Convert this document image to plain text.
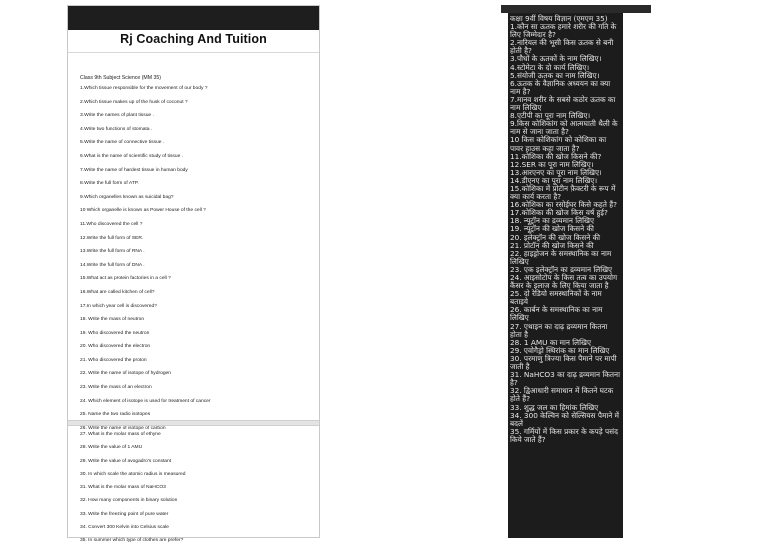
Rj Coaching And Tuition
Class 9th Subject Science (MM 35)
1.Which tissue responsible for the movement of our body ?
2.Which tissue makes up of the husk of coconut ?
3.Write the names of plant tissue .
4.Write two functions of stomata .
5.Write the name of connective tissue .
6.What is the name of scientific study of tissue .
7.Write the name of hardest tissue in human body
8.Write the full form of ATP.
9.Which organelles known as suicidal bag?
10 Which organelle is known as Power House of the cell ?
11.Who discovered the cell ?
12.Write the full form of SER.
13.Write the full form of RNA .
14.Write the full form of DNA .
15.What act as protein factories in a cell ?
16.What are called kitchen of cell?
17.In which year cell is discovered?
18. Write the mass of neutron
19. Who discovered the neutron
20. Who discovered the electron
21. Who discovered the proton
22. Write the name of isotope of hydrogen
23. Write the mass of an electron
24. Which element of isotope is used for treatment of cancer
25. Name the two radio isotopes
26. Write the name of isotope of carbon
27. What is the molar mass of ethyne
28. Write the value of 1 AMU
29. Write the value of avogadro's constant
30. In which scale the atomic radius is measured
31. What is the molar mass of NaHCO3
32. How many components in binary solution
33. Write the freezing point of pure water
34. Convert 300 Kelvin into Celsius scale
35. In summer which type of clothes are prefer?
कक्षा 9वीं विषय विज्ञान (एमएम 35)
1.कौन सा ऊतक हमारे शरीर की गति के लिए जिम्मेदार है?
2.नारियल की भूसी किस ऊतक से बनी होती है?
3.पौधों के ऊतकों के नाम लिखिए।
4.स्टोमेटा के दो कार्य लिखिए।
5.संयोजी ऊतक का नाम लिखिए।
6.ऊतक के वैज्ञानिक अध्ययन का क्या नाम है?
7.मानव शरीर के सबसे कठोर ऊतक का नाम लिखिए
8.एटीपी का पूरा नाम लिखिए।
9.किस कोशिकांग को आत्मघाती थैली के नाम से जाना जाता है?
10 किस कोशिकांग को कोशिका का पावर हाउस कहा जाता है?
11.कोशिका की खोज किसने की?
12.SER का पूरा नाम लिखिए।
13.आरएनए का पूरा नाम लिखिए।
14.डीएनए का पूरा नाम लिखिए।
15.कोशिका में प्रोटीन फ़ैक्टरी के रूप में क्या कार्य करता है?
16.कोशिका का रसोईघर किसे कहते हैं?
17.कोशिका की खोज किस वर्ष हुई?
18. न्यूट्रॉन का द्रव्यमान लिखिए
19. न्यूट्रॉन की खोज किसने की
20. इलेक्ट्रॉन की खोज किसने की
21. प्रोटॉन की खोज किसने की
22. हाइड्रोजन के समस्थानिक का नाम लिखिए
23. एक इलेक्ट्रॉन का द्रव्यमान लिखिए
24. आइसोटोप के किस तत्व का उपयोग कैंसर के इलाज के लिए किया जाता है
25. दो रेडियो समस्थानिकों के नाम बताइये
26. कार्बन के समस्थानिक का नाम लिखिए
27. एथाइन का दाढ़ द्रव्यमान कितना होता है
28. 1 AMU का मान लिखिए
29. एवोगैड्रो स्थिरांक का मान लिखिए
30. परमाणु त्रिज्या किस पैमाने पर मापी जाती है
31. NaHCO3 का दाढ़ द्रव्यमान कितना है?
32. द्विआधारी समाधान में कितने घटक होते हैं?
33. शुद्ध जल का हिमांक लिखिए
34. 300 केल्विन को सेल्सियस पैमाने में बदलें
35. गर्मियों में किस प्रकार के कपड़े पसंद किये जाते हैं?
